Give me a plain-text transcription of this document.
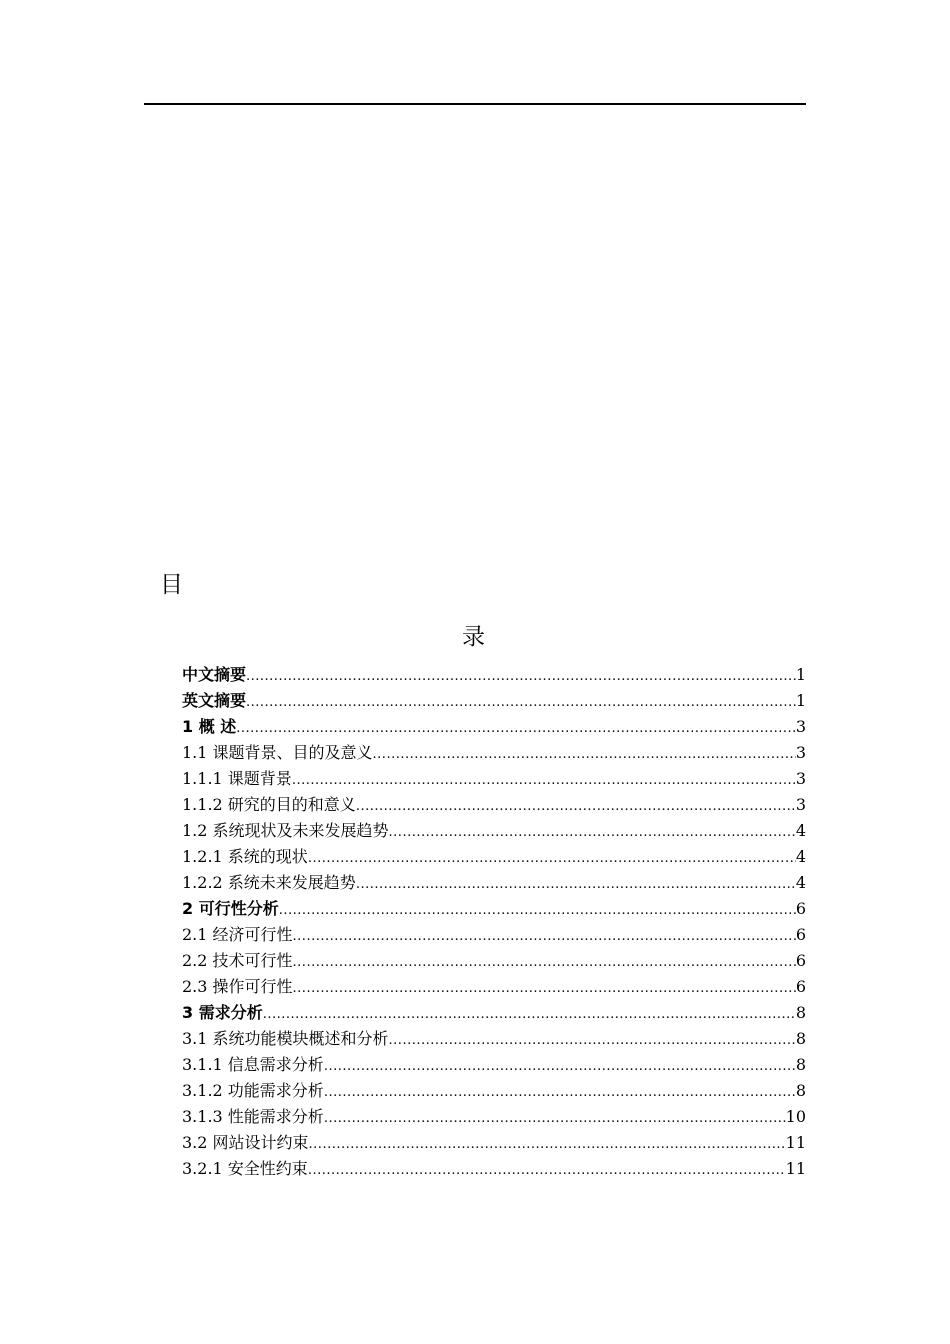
目
录
中文摘要 .....	1
英文摘要 .....	1
1 概 述 .....	3
1.1 课题背景、目的及意义 .....	3
1.1.1 课题背景 .....	3
1.1.2 研究的目的和意义 .....	3
1.2 系统现状及未来发展趋势 .....	4
1.2.1 系统的现状 .....	4
1.2.2 系统未来发展趋势 .....	4
2 可行性分析 .....	6
2.1 经济可行性 .....	6
2.2 技术可行性 .....	6
2.3 操作可行性 .....	6
3 需求分析 .....	8
3.1 系统功能模块概述和分析 .....	8
3.1.1 信息需求分析 .....	8
3.1.2 功能需求分析 .....	8
3.1.3 性能需求分析 .....	10
3.2 网站设计约束 .....	11
3.2.1 安全性约束 .....	11
